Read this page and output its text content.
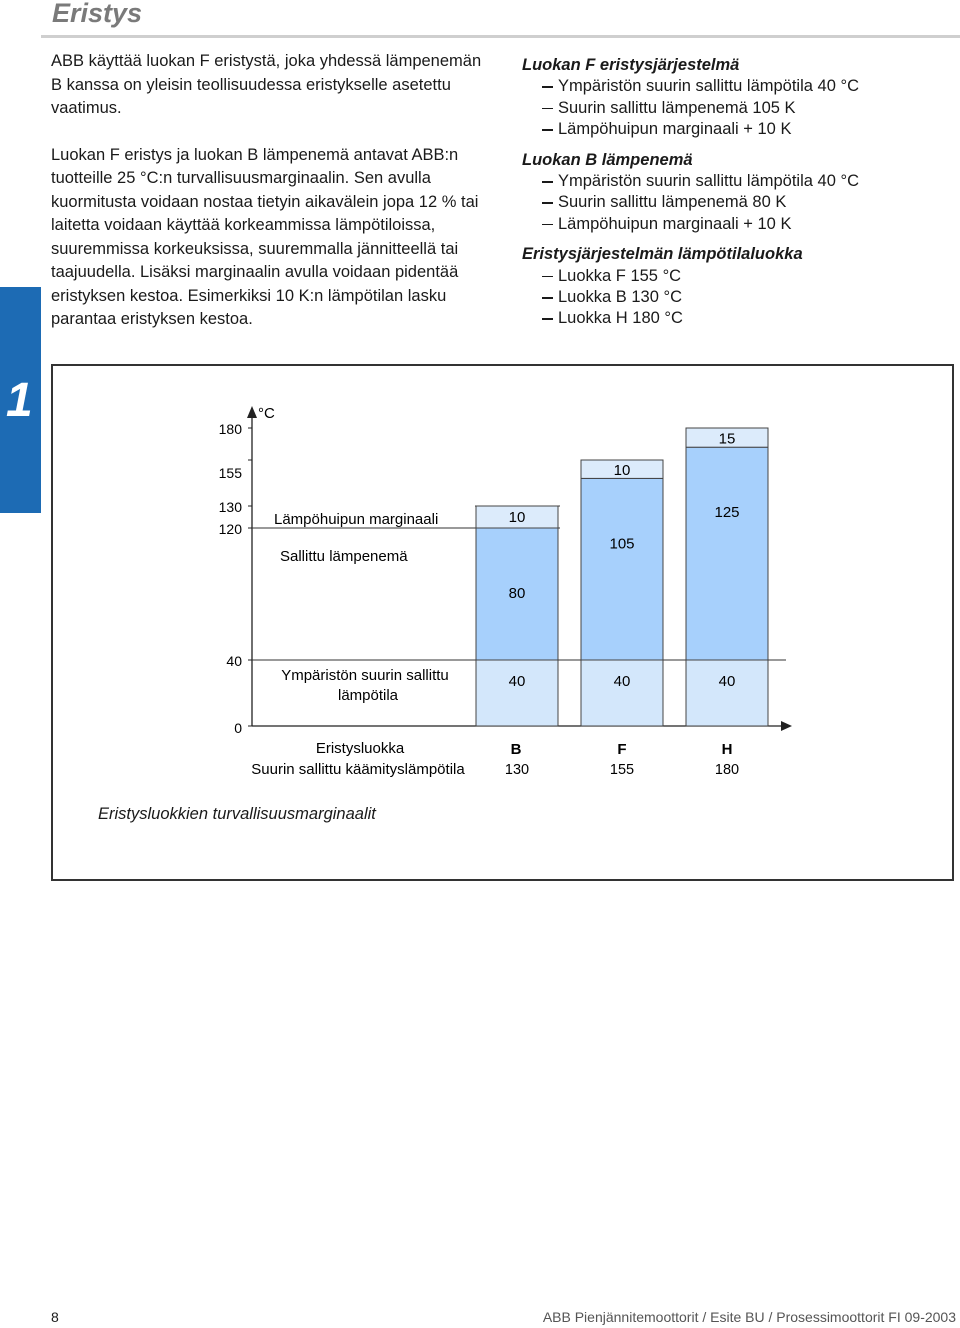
Eristys

ABB käyttää luokan F eristystä, joka yhdessä lämpenemän B kanssa on yleisin teollisuudessa eristykselle asetettu vaatimus.

Luokan F eristys ja luokan B lämpenemä antavat ABB:n tuotteille 25 °C:n turvallisuusmarginaalin. Sen avulla kuormitusta voidaan nostaa tietyin aikavälein jopa 12 % tai laitetta voidaan käyttää korkeammissa lämpötiloissa, suuremmissa korkeuksissa, suuremmalla jännitteellä tai taajuudella. Lisäksi marginaalin avulla voidaan pidentää eristyksen kestoa. Esimerkiksi 10 K:n lämpötilan lasku parantaa eristyksen kestoa.

Luokan F eristysjärjestelmä
Ympäristön suurin sallittu lämpötila 40 °C
Suurin sallittu lämpenemä 105 K
Lämpöhuipun marginaali + 10 K
Luokan B lämpenemä
Ympäristön suurin sallittu lämpötila 40 °C
Suurin sallittu lämpenemä 80 K
Lämpöhuipun marginaali + 10 K
Eristysjärjestelmän lämpötilaluokka
Luokka F 155 °C
Luokka B 130 °C
Luokka H 180 °C
1	°C
0
40
120
130
155
180
40
80
10
B
130
40
105
10
F
155
40
125
15
H
180
Lämpöhuipun marginaali
Sallittu lämpenemä
Ympäristön suurin sallittu
lämpötila
Eristysluokka
Suurin sallittu käämityslämpötila
Eristysluokkien turvallisuusmarginaalit
8	ABB Pienjännitemoottorit / Esite BU / Prosessimoottorit FI 09-2003
